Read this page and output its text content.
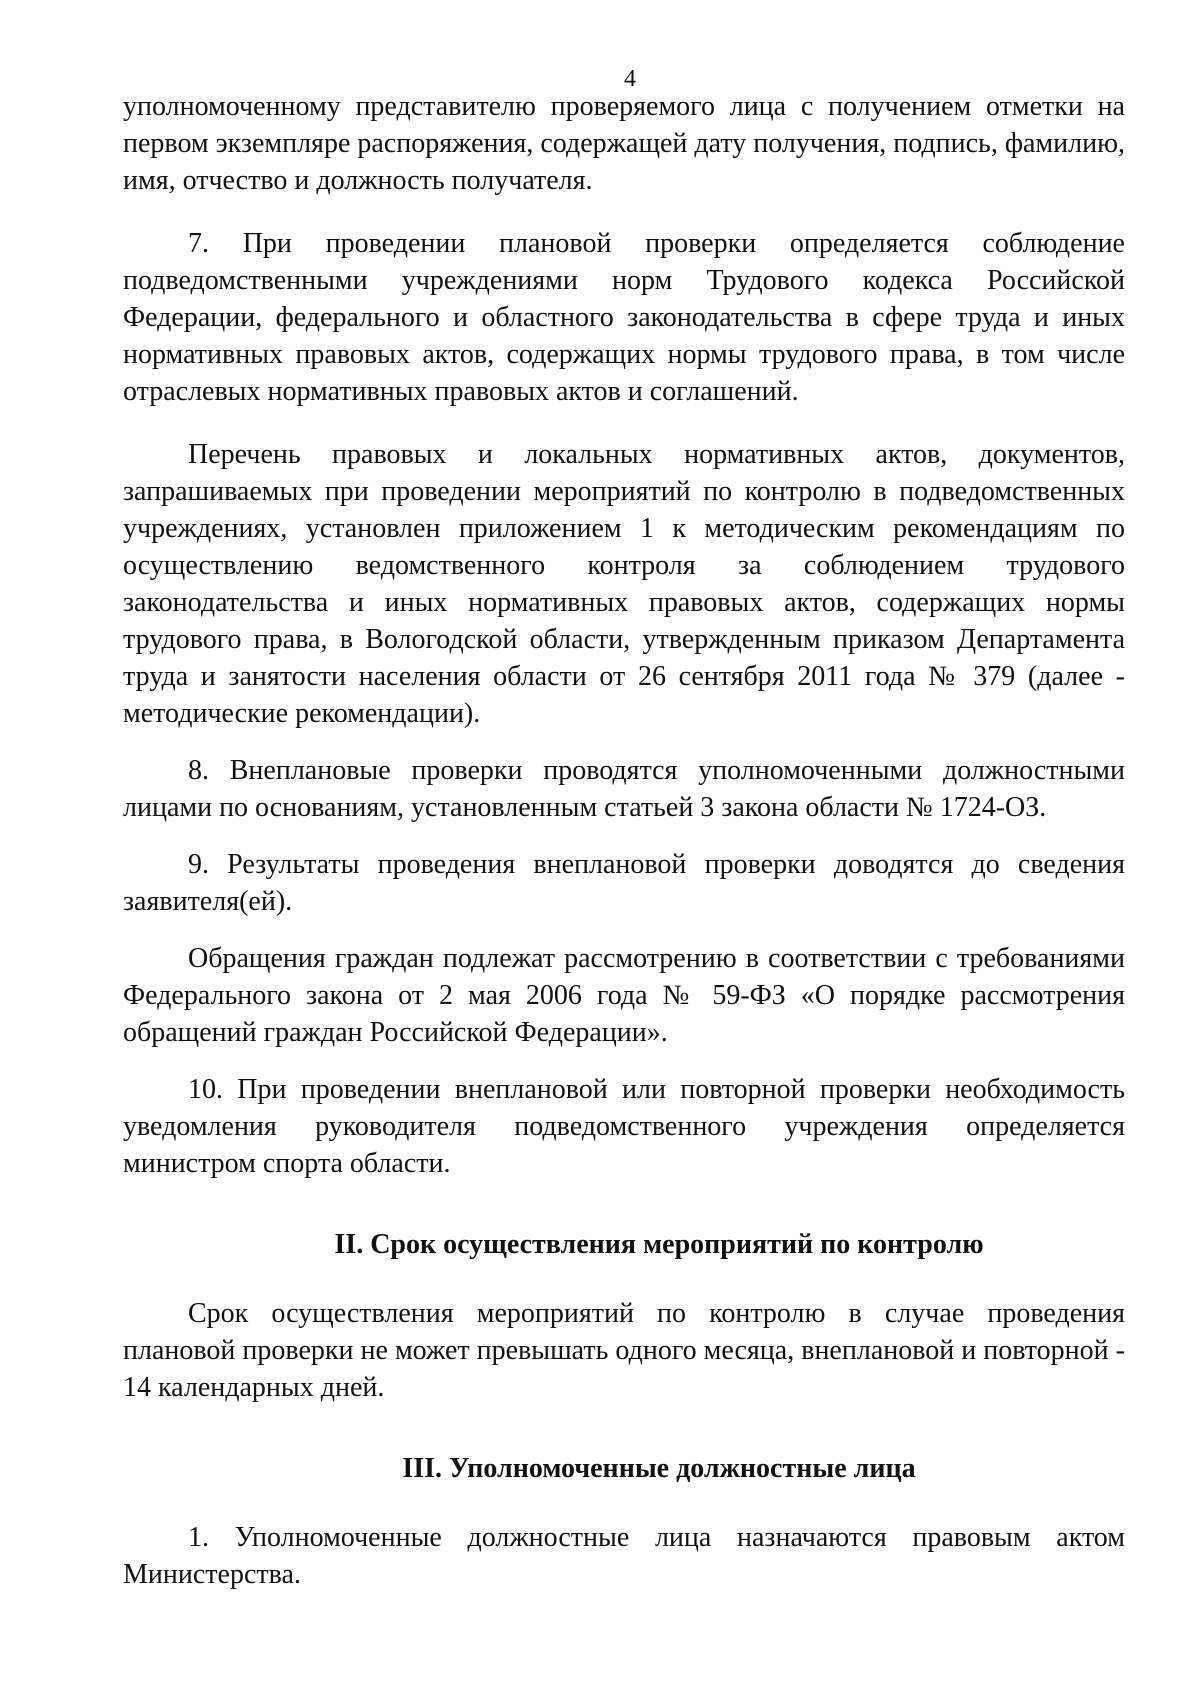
4

уполномоченному представителю проверяемого лица с получением отметки на первом экземпляре распоряжения, содержащей дату получения, подпись, фамилию, имя, отчество и должность получателя.

7. При проведении плановой проверки определяется соблюдение подведомственными учреждениями норм Трудового кодекса Российской Федерации, федерального и областного законодательства в сфере труда и иных нормативных правовых актов, содержащих нормы трудового права, в том числе отраслевых нормативных правовых актов и соглашений.

Перечень правовых и локальных нормативных актов, документов, запрашиваемых при проведении мероприятий по контролю в подведомственных учреждениях, установлен приложением 1 к методическим рекомендациям по осуществлению ведомственного контроля за соблюдением трудового законодательства и иных нормативных правовых актов, содержащих нормы трудового права, в Вологодской области, утвержденным приказом Департамента труда и занятости населения области от 26 сентября 2011 года № 379 (далее - методические рекомендации).

8. Внеплановые проверки проводятся уполномоченными должностными лицами по основаниям, установленным статьей 3 закона области № 1724-ОЗ.

9. Результаты проведения внеплановой проверки доводятся до сведения заявителя(ей).

Обращения граждан подлежат рассмотрению в соответствии с требованиями Федерального закона от 2 мая 2006 года № 59-ФЗ «О порядке рассмотрения обращений граждан Российской Федерации».

10. При проведении внеплановой или повторной проверки необходимость уведомления руководителя подведомственного учреждения определяется министром спорта области.

II. Срок осуществления мероприятий по контролю

Срок осуществления мероприятий по контролю в случае проведения плановой проверки не может превышать одного месяца, внеплановой и повторной - 14 календарных дней.

III. Уполномоченные должностные лица

1. Уполномоченные должностные лица назначаются правовым актом Министерства.
